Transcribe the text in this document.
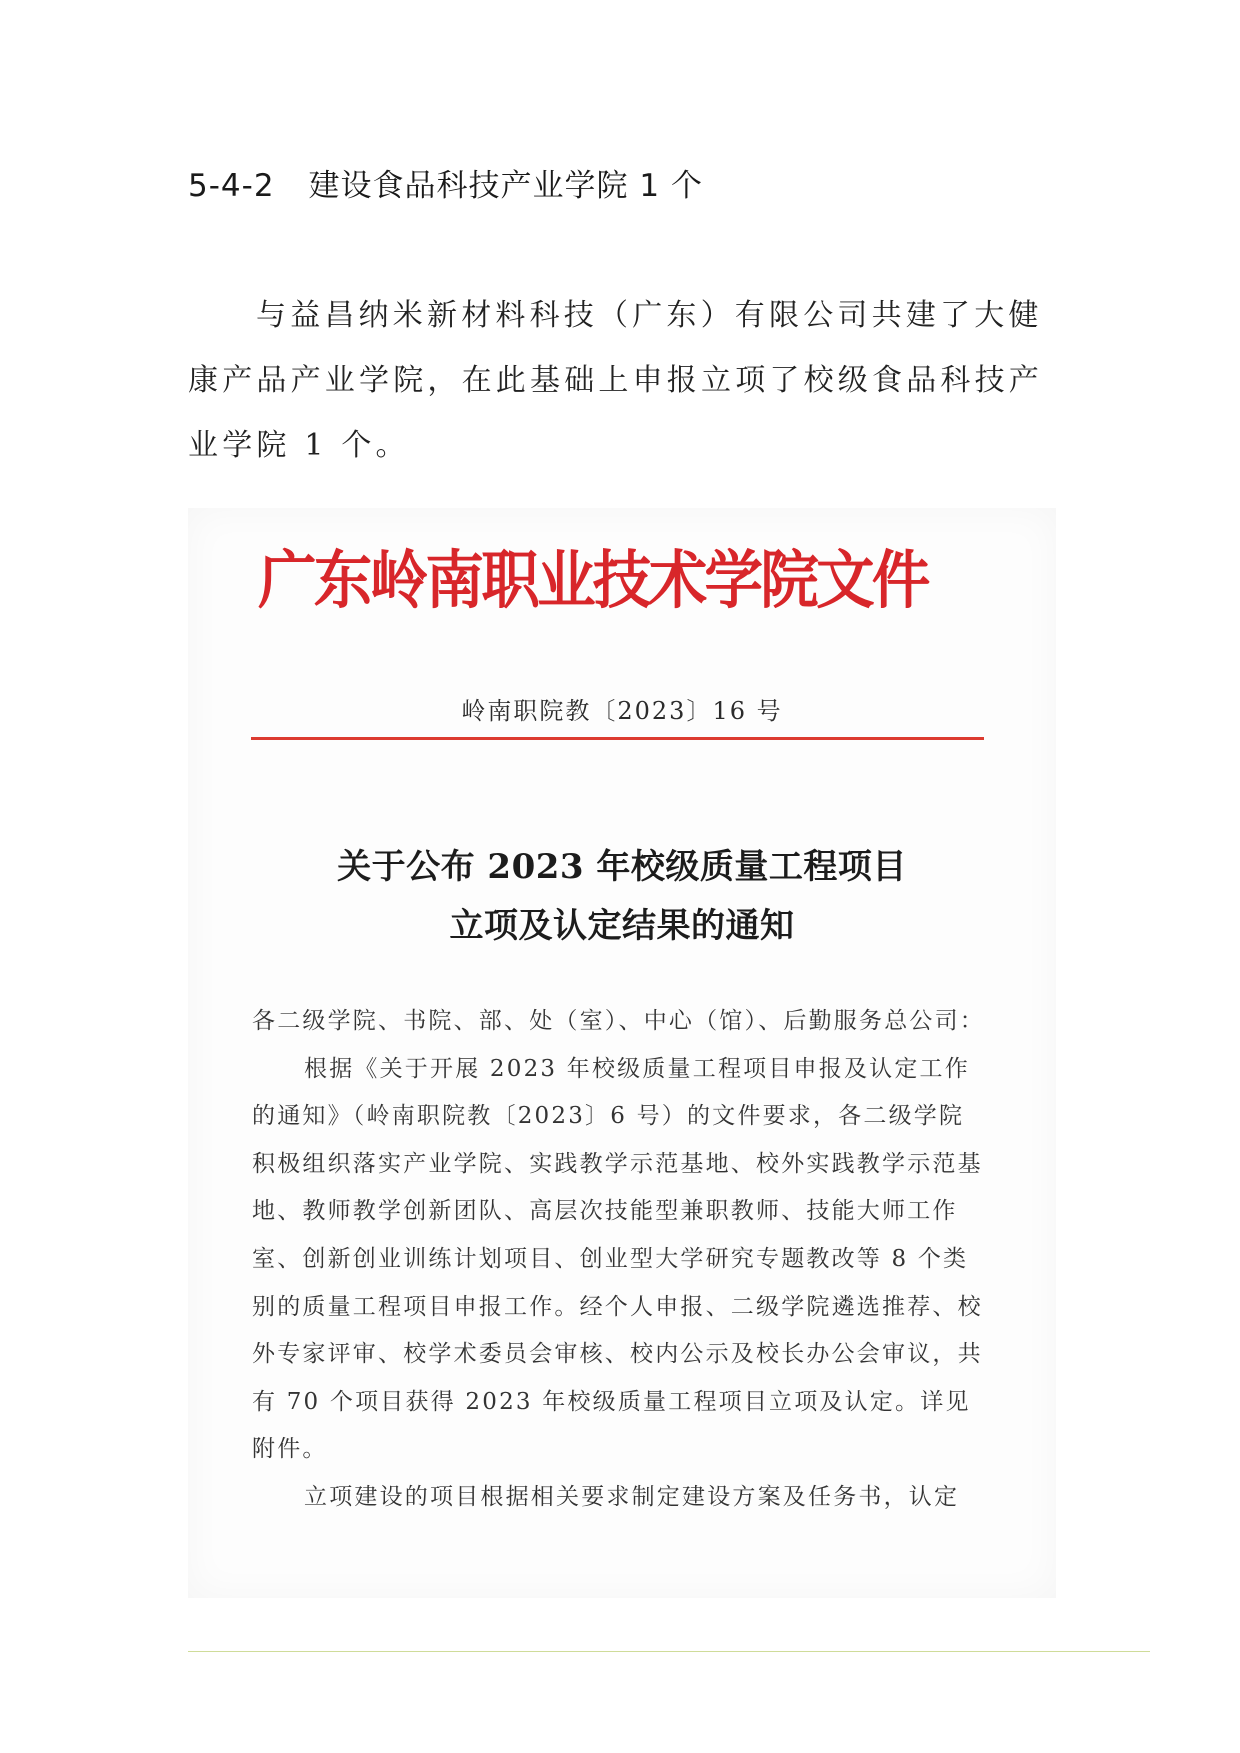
5-4-2 建设食品科技产业学院 1 个

与益昌纳米新材料科技（广东）有限公司共建了大健康产品产业学院，在此基础上申报立项了校级食品科技产业学院 1 个。

广东岭南职业技术学院文件
岭南职院教〔2023〕16 号
关于公布 2023 年校级质量工程项目
立项及认定结果的通知

各二级学院、书院、部、处（室）、中心（馆）、后勤服务总公司：

根据《关于开展 2023 年校级质量工程项目申报及认定工作的通知》（岭南职院教〔2023〕6 号）的文件要求，各二级学院积极组织落实产业学院、实践教学示范基地、校外实践教学示范基地、教师教学创新团队、高层次技能型兼职教师、技能大师工作室、创新创业训练计划项目、创业型大学研究专题教改等 8 个类别的质量工程项目申报工作。经个人申报、二级学院遴选推荐、校外专家评审、校学术委员会审核、校内公示及校长办公会审议，共有 70 个项目获得 2023 年校级质量工程项目立项及认定。详见附件。

立项建设的项目根据相关要求制定建设方案及任务书，认定
